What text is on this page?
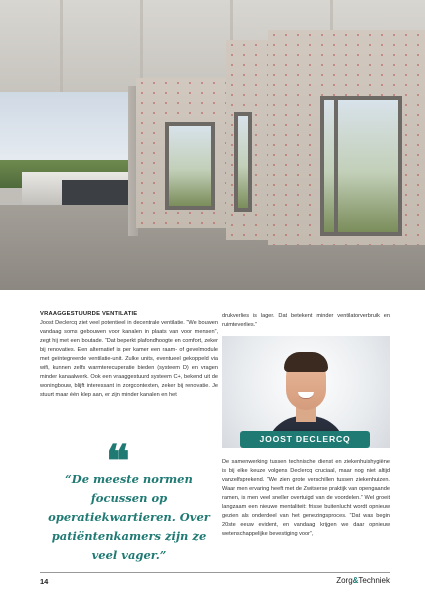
VRAAGGESTUURDE VENTILATIE

Joost Declercq ziet veel potentieel in decentrale ventilatie. “We bouwen vandaag soms gebouwen voor kanalen in plaats van voor mensen”, zegt hij met een boutade. “Dat beperkt plafondhoogte en comfort, zeker bij renovaties. Een alternatief is per kamer een raam- of gevelmodule met geïntegreerde ventilatie-unit. Zulke units, eventueel gekoppeld via wifi, kunnen zelfs warmterecuperatie bieden (systeem D) en vragen minder kanaalwerk. Ook een vraaggestuurd systeem C+, bekend uit de woningbouw, blijft interessant in zorgcontexten, zeker bij renovatie. Je stuurt maar één klep aan, er zijn minder kanalen en het

❝
“De meeste normen focussen op operatiekwartieren. Over patiëntenkamers zijn ze veel vager.”

drukverlies is lager. Dat betekent minder ventilatorverbruik en ruimteverlies.”

JOOST DECLERCQ

De samenwerking tussen technische dienst en ziekenhuishygiëne is bij elke keuze volgens Declercq cruciaal, maar nog niet altijd vanzelfsprekend. “We zien grote verschillen tussen ziekenhuizen. Waar men ervaring heeft met de Zwitserse praktijk van opengaande ramen, is men veel sneller overtuigd van de voordelen.” Wel groeit langzaam een nieuwe mentaliteit: frisse buitenlucht wordt opnieuw gezien als onderdeel van het genezingsproces. “Dat was begin 20ste eeuw evident, en vandaag krijgen we daar opnieuw wetenschappelijke bevestiging voor”,

14	Zorg&Techniek
